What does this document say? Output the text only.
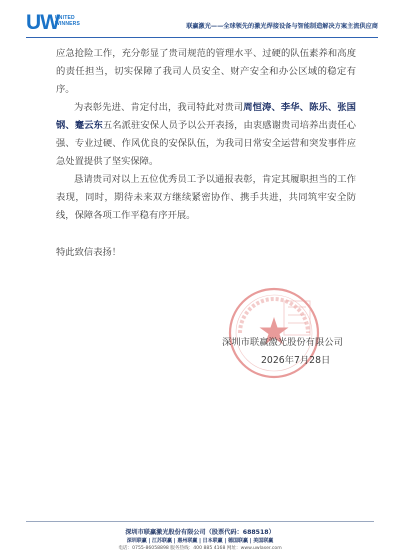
UW
UNITED WINNERS	联赢激光——全球领先的激光焊接设备与智能制造解决方案主流供应商

应急抢险工作，充分彰显了贵司规范的管理水平、过硬的队伍素养和高度的责任担当，切实保障了我司人员安全、财产安全和办公区域的稳定有序。

为表彰先进、肯定付出，我司特此对贵司周恒涛、李华、陈乐、张国钢、蹇云东五名派驻安保人员予以公开表扬，由衷感谢贵司培养出责任心强、专业过硬、作风优良的安保队伍，为我司日常安全运营和突发事件应急处置提供了坚实保障。

恳请贵司对以上五位优秀员工予以通报表彰，肯定其履职担当的工作表现，同时，期待未来双方继续紧密协作、携手共进，共同筑牢安全防线，保障各项工作平稳有序开展。

特此致信表扬！
深圳市联赢激光股份有限公司
2026年7月28日
深圳市联赢激光股份有限公司（股票代码：688518）
深圳联赢 | 江苏联赢 | 惠州联赢 | 日本联赢 | 德国联赢 | 美国联赢
电话：0755-86058898 服务热线：400 885 4168 网址：www.uwlaser.com
